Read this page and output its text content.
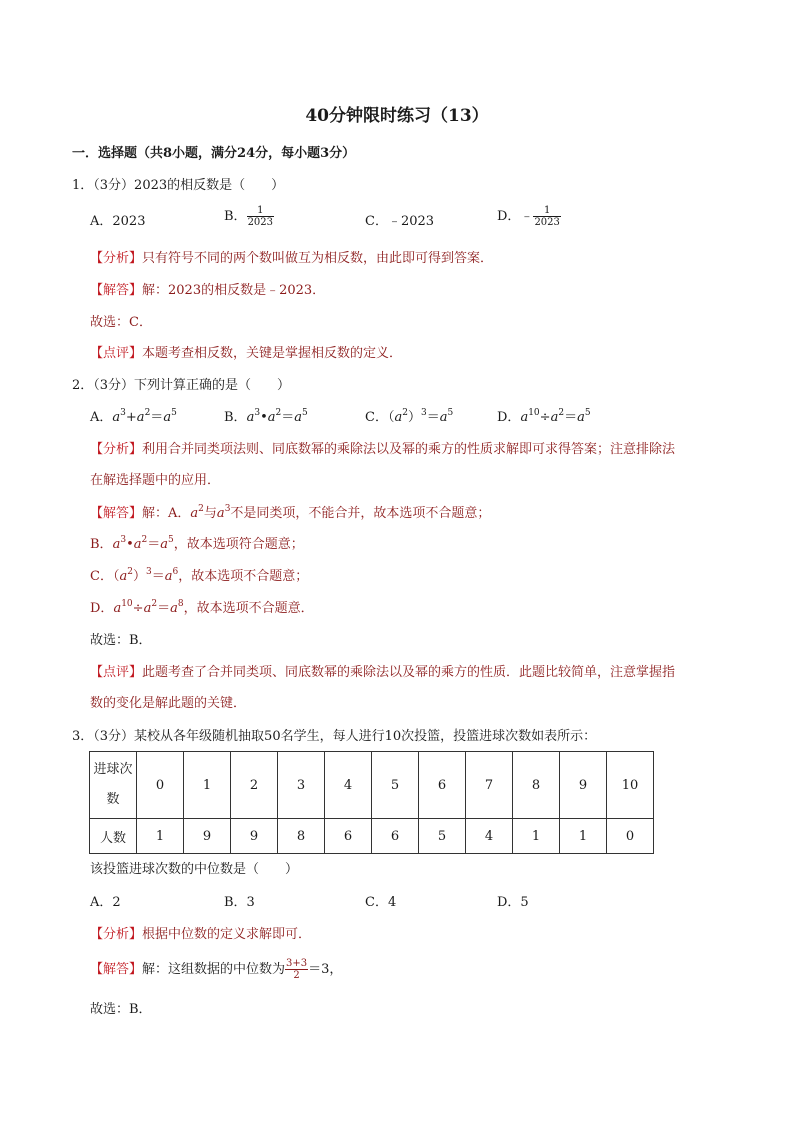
40分钟限时练习（13）
一．选择题（共8小题，满分24分，每小题3分）
1．（3分）2023的相反数是（　　）
A．2023	B． $\frac{1}{2023}$	C．﹣2023	D．﹣ $\frac{1}{2023}$
【分析】只有符号不同的两个数叫做互为相反数，由此即可得到答案．
【解答】解：2023的相反数是﹣2023．
故选：C．
【点评】本题考查相反数，关键是掌握相反数的定义．
2．（3分）下列计算正确的是（　　）
A．$a^3+a^2=a^5$	B．$a^3•a^2=a^5$	C．$(a^2)^3=a^5$	D．$a^{10}\div a^2=a^5$
【分析】利用合并同类项法则、同底数幂的乘除法以及幂的乘方的性质求解即可求得答案；注意排除法
在解选择题中的应用．
【解答】解：A．$a^2$与$a^3$不是同类项，不能合并，故本选项不合题意；
B．$a^3•a^2=a^5$，故本选项符合题意；
C．$(a^2)^3=a^6$，故本选项不合题意；
D．$a^{10}\div a^2=a^8$，故本选项不合题意．
故选：B．
【点评】此题考查了合并同类项、同底数幂的乘除法以及幂的乘方的性质．此题比较简单，注意掌握指
数的变化是解此题的关键．
3．（3分）某校从各年级随机抽取50名学生，每人进行10次投篮，投篮进球次数如表所示：
进球次
数	0	1	2	3	4	5	6	7	8	9	10
人数	1	9	9	8	6	6	5	4	1	1	0
该投篮进球次数的中位数是（　　）
A．2	B．3	C．4	D．5
【分析】根据中位数的定义求解即可．
【解答】解：这组数据的中位数为 $\frac{3+3}{2} =3$，
故选：B．
